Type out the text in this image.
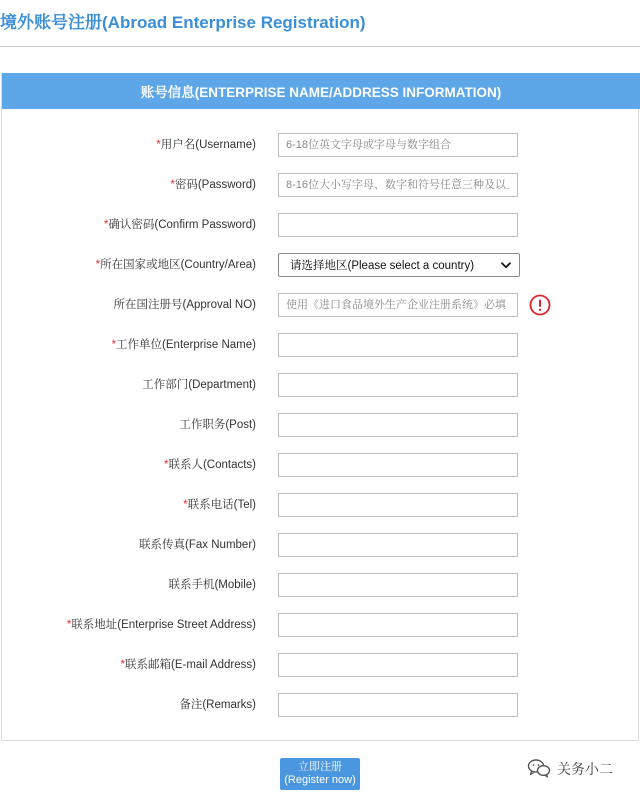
境外账号注册(Abroad Enterprise Registration)
账号信息(ENTERPRISE NAME/ADDRESS INFORMATION)
*用户名(Username)
6-18位英文字母或字母与数字组合
*密码(Password)
8-16位大小写字母、数字和符号任意三种及以上组合
*确认密码(Confirm Password)
*所在国家或地区(Country/Area)	请选择地区(Please select a country)
所在国注册号(Approval NO)
使用《进口食品境外生产企业注册系统》必填
*工作单位(Enterprise Name)
工作部门(Department)
工作职务(Post)
*联系人(Contacts)
*联系电话(Tel)
联系传真(Fax Number)
联系手机(Mobile)
*联系地址(Enterprise Street Address)
*联系邮箱(E-mail Address)
备注(Remarks)
立即注册
(Register now)
关务小二
